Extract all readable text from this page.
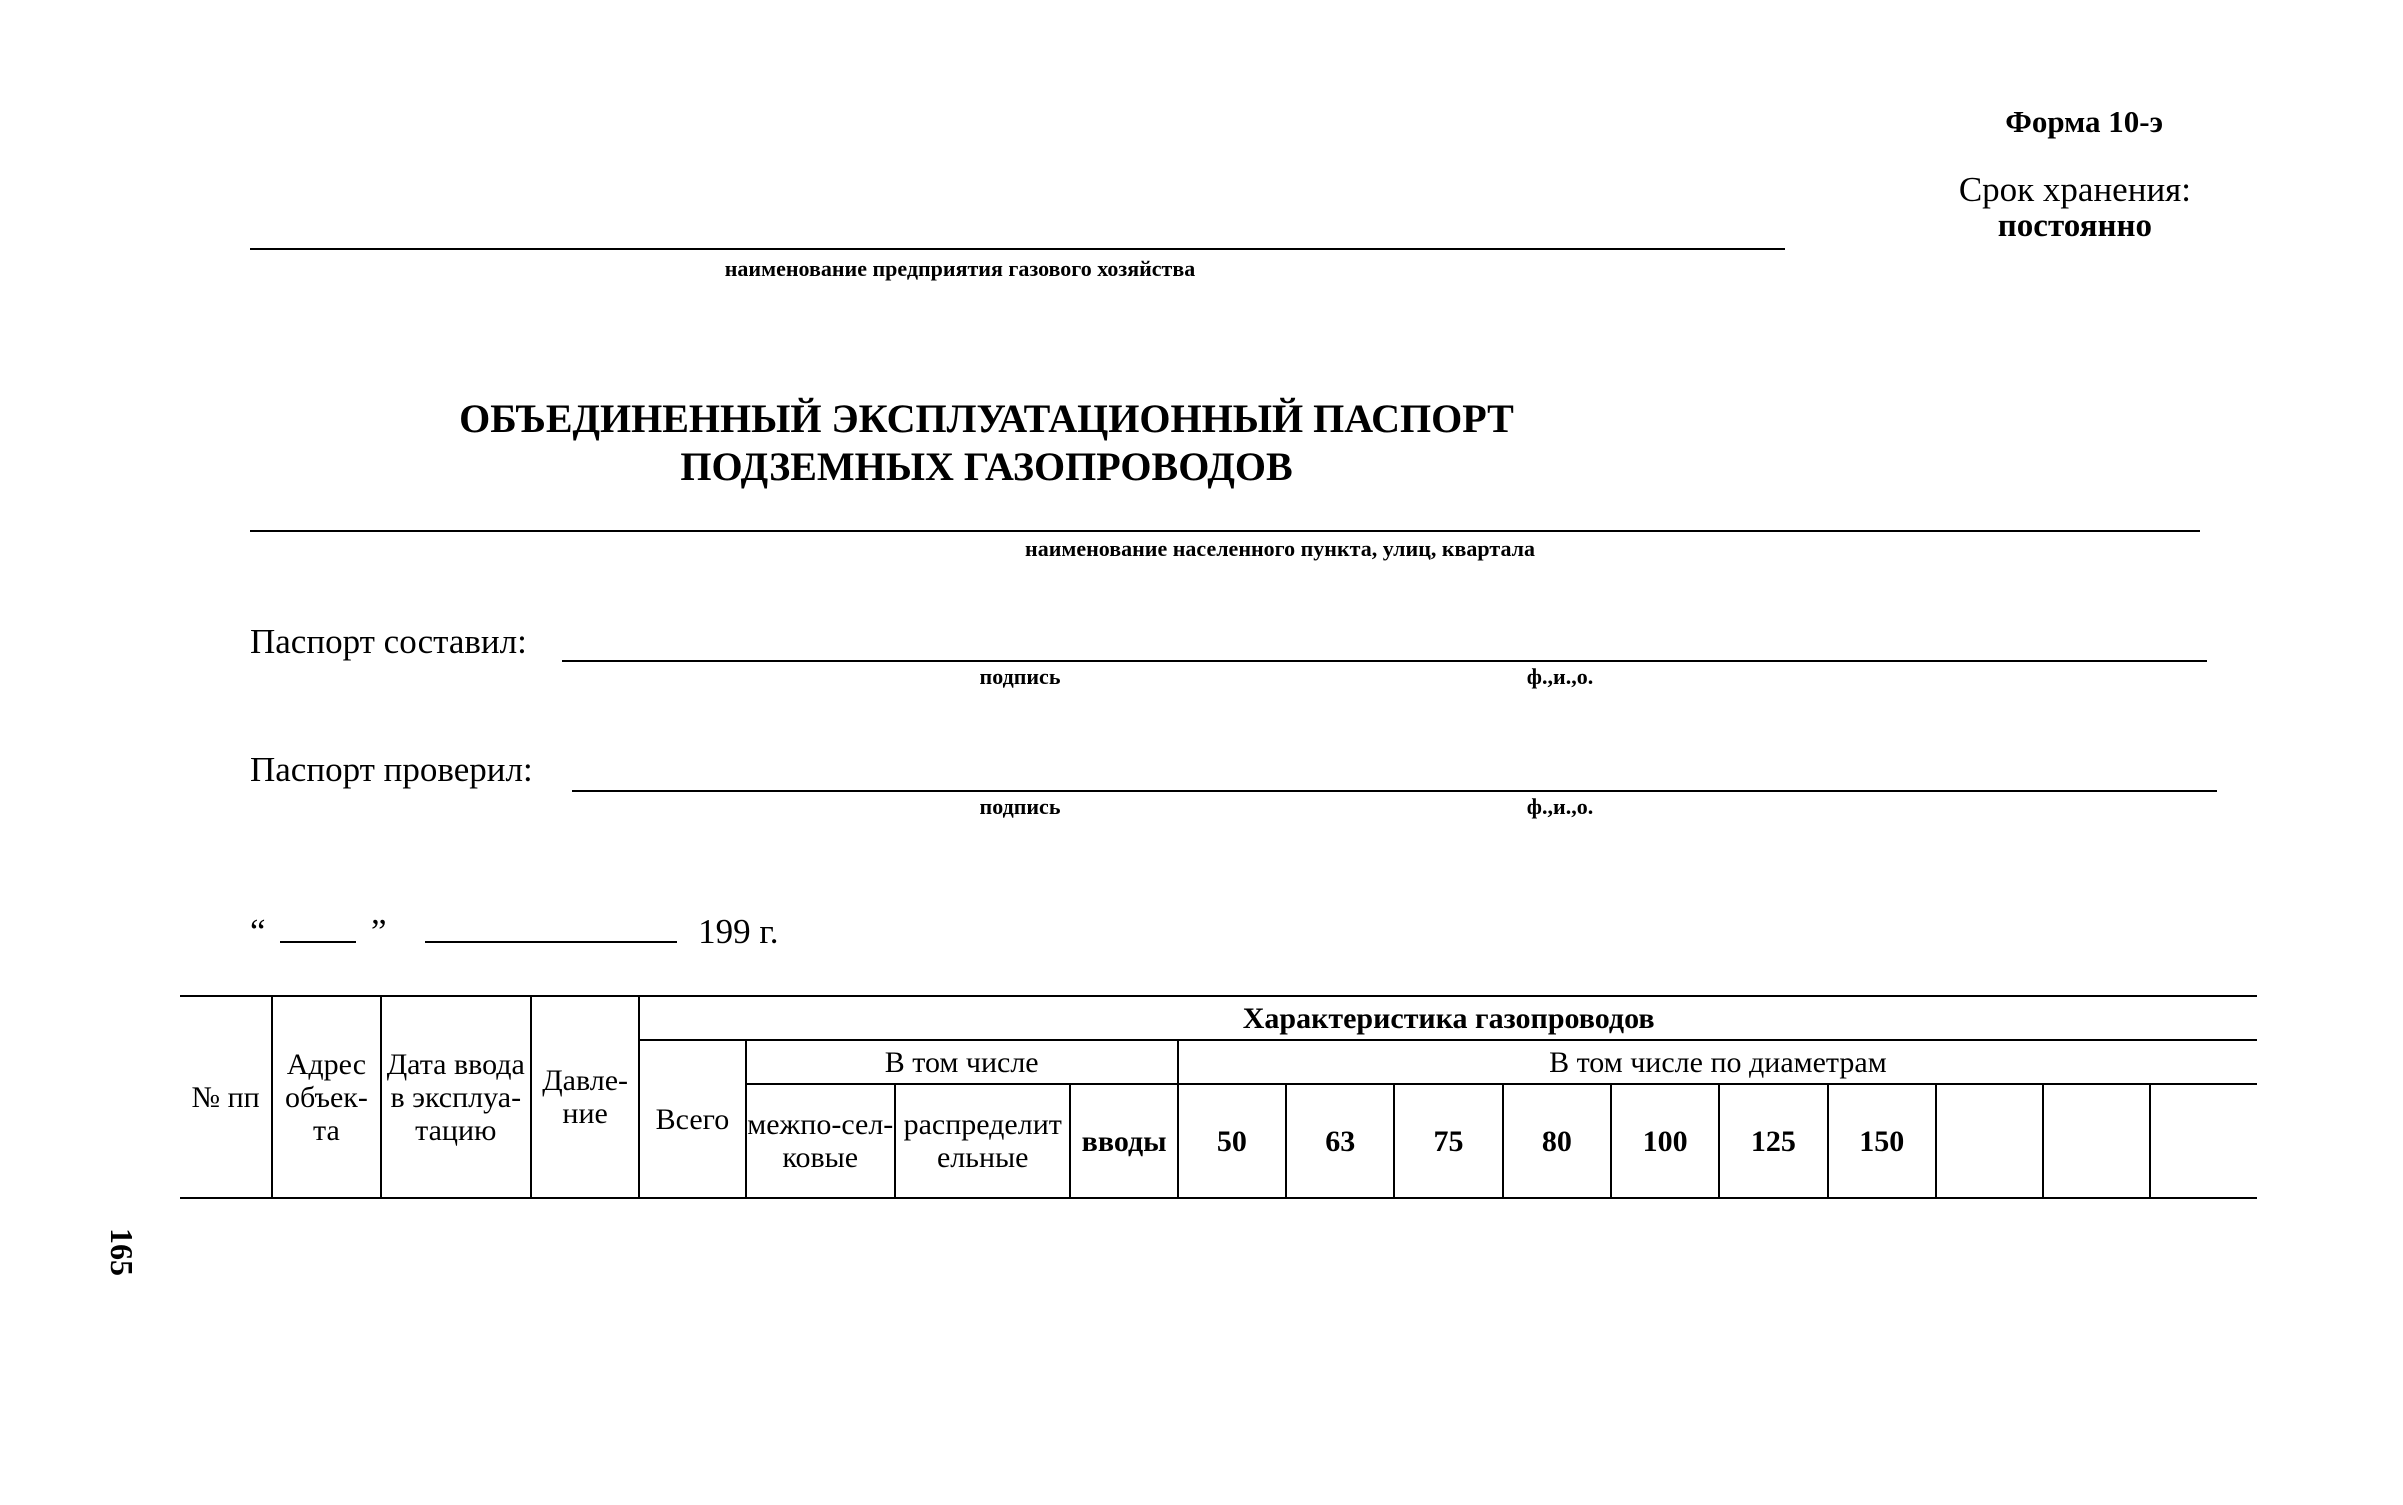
Форма 10-э
Срок хранения:
постоянно
наименование предприятия газового хозяйства
ОБЪЕДИНЕННЫЙ ЭКСПЛУАТАЦИОННЫЙ ПАСПОРТ
ПОДЗЕМНЫХ ГАЗОПРОВОДОВ
наименование населенного пункта, улиц, квартала
Паспорт составил:
подпись	ф.,и.,о.
Паспорт проверил:
подпись	ф.,и.,о.
“	”	199 г.
165
№ пп	Адрес объек-та	Дата ввода в эксплуа-тацию	Давле-ние	Характеристика газопроводов													
				Всего	В том числе			В том числе по диаметрам									
					межпо-сел-ковые	распределит ельные	вводы	50	63	75	80	100	125	150			
